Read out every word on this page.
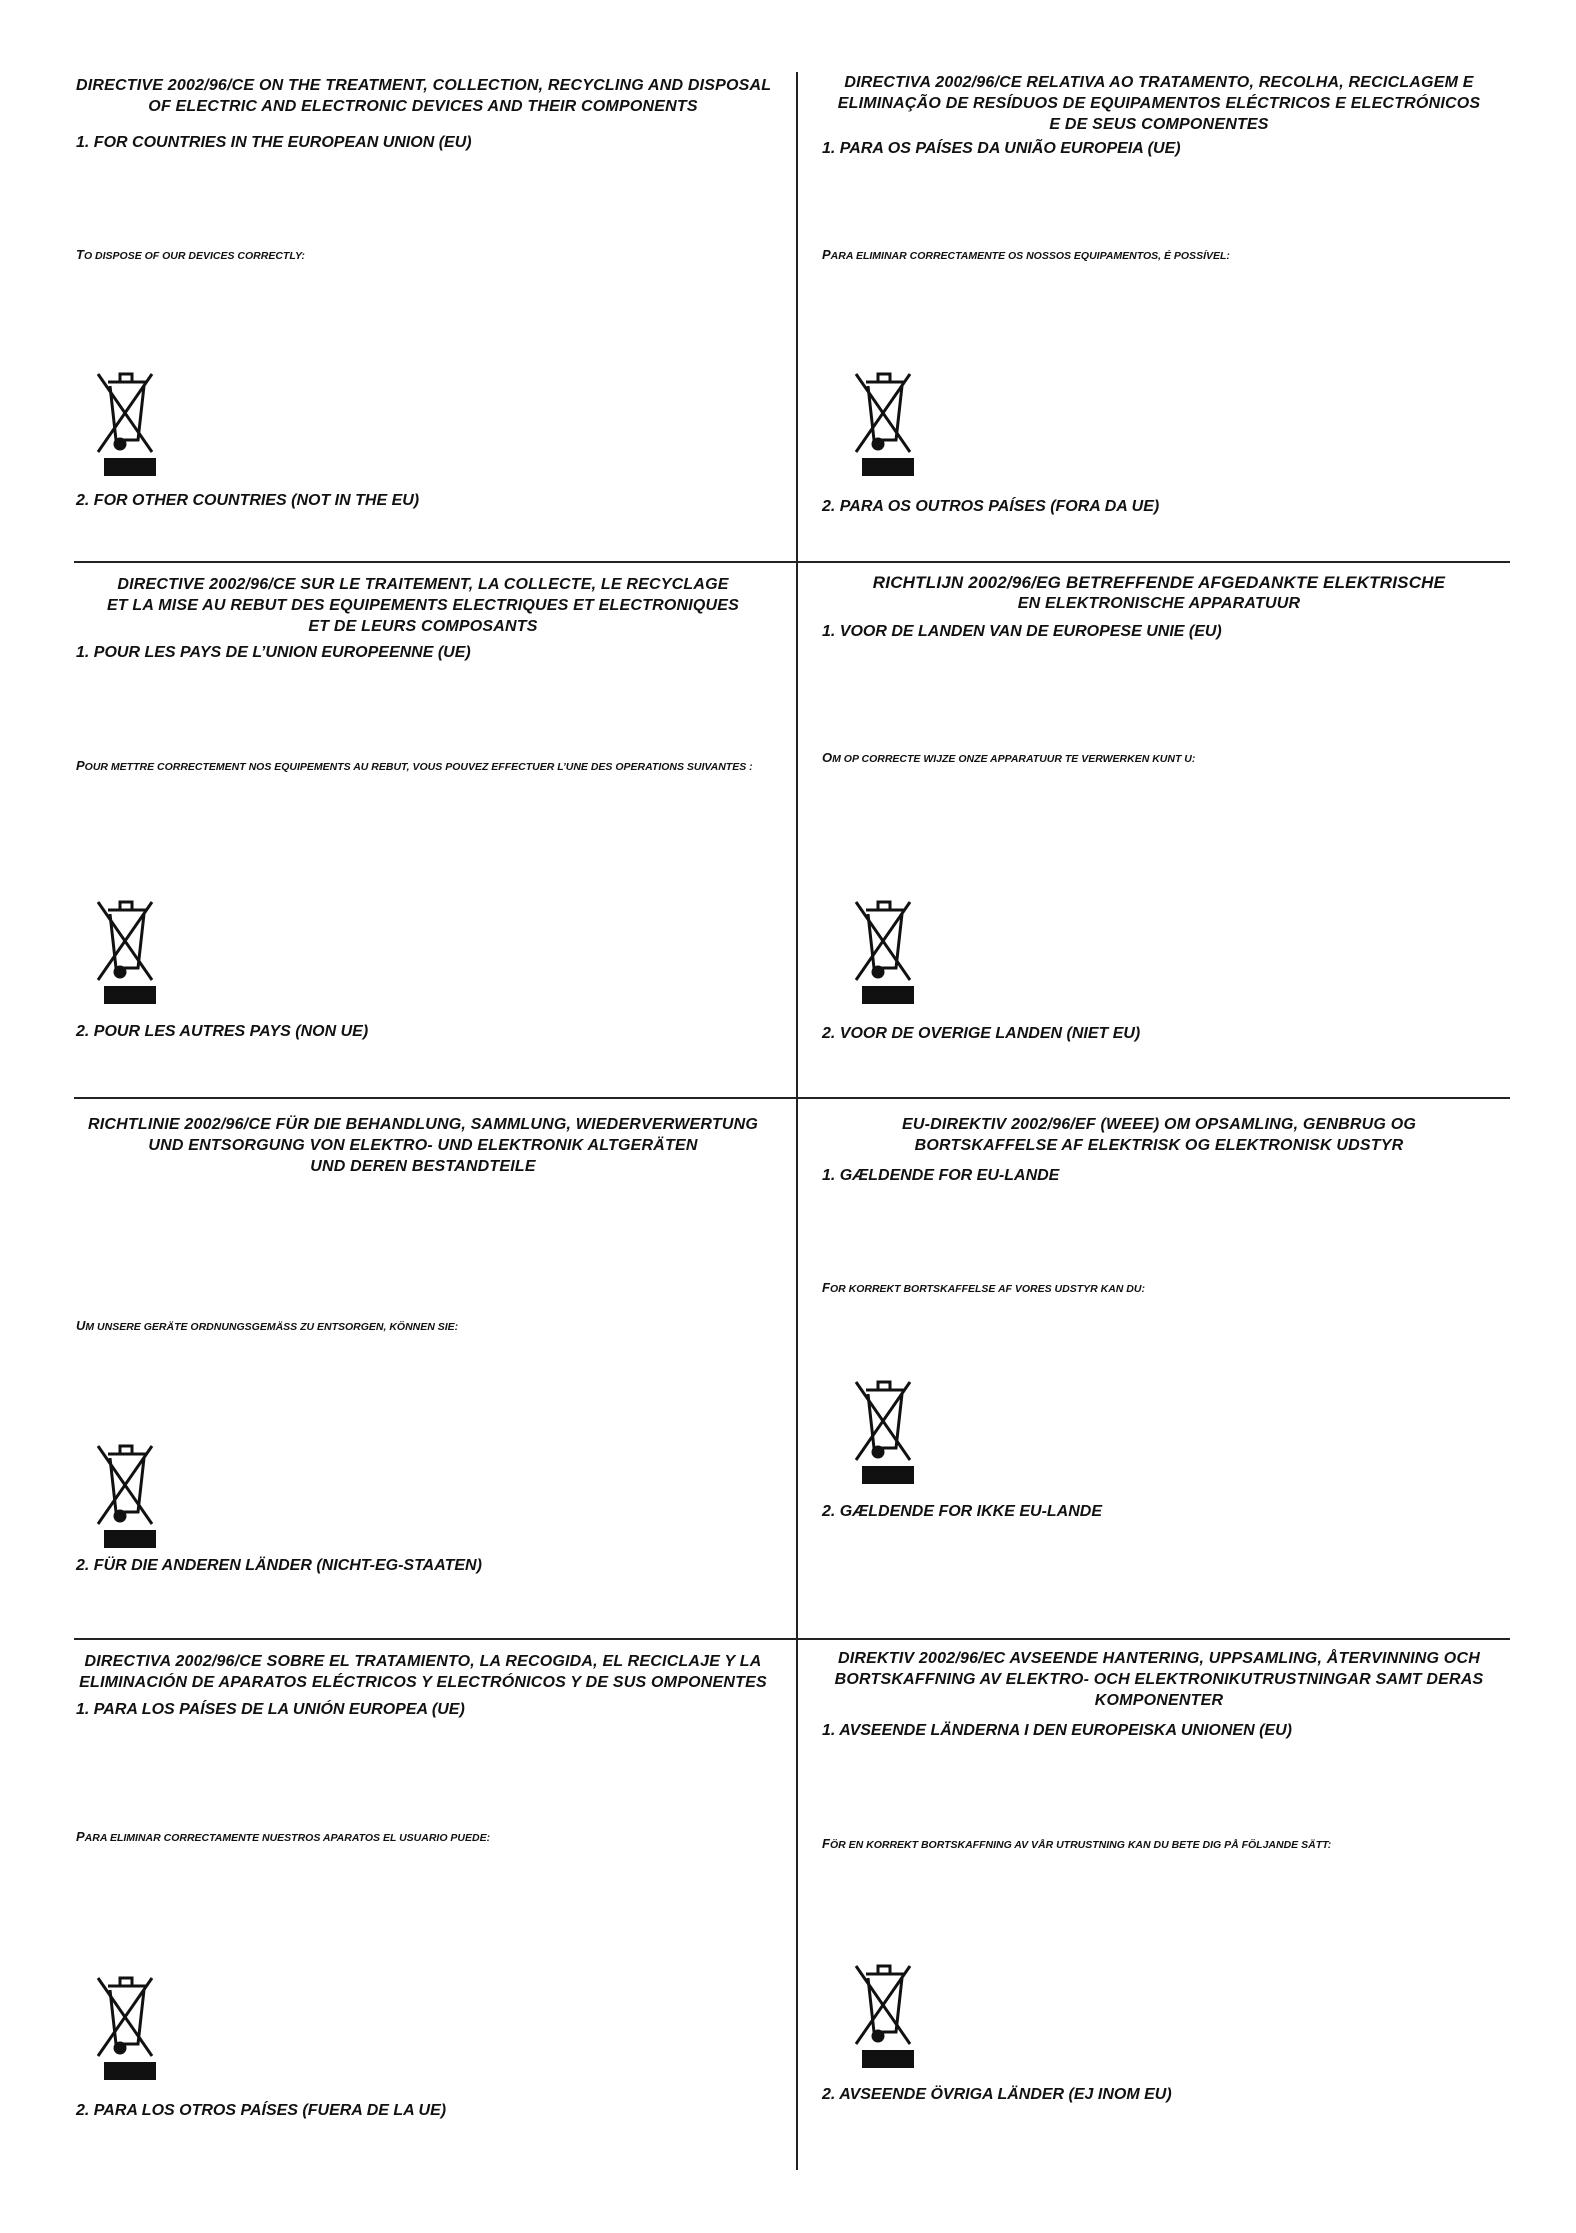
DIRECTIVE 2002/96/CE ON THE TREATMENT, COLLECTION, RECYCLING AND DISPOSAL
OF ELECTRIC AND ELECTRONIC DEVICES AND THEIR COMPONENTS
1. FOR COUNTRIES IN THE EUROPEAN UNION (EU)
TO DISPOSE OF OUR DEVICES CORRECTLY:
2. FOR OTHER COUNTRIES (NOT IN THE EU)
DIRECTIVA 2002/96/CE RELATIVA AO TRATAMENTO, RECOLHA, RECICLAGEM E
ELIMINAÇÃO DE RESÍDUOS DE EQUIPAMENTOS ELÉCTRICOS E ELECTRÓNICOS
E DE SEUS COMPONENTES
1. PARA OS PAÍSES DA UNIÃO EUROPEIA (UE)
PARA ELIMINAR CORRECTAMENTE OS NOSSOS EQUIPAMENTOS, É POSSÍVEL:
2. PARA OS OUTROS PAÍSES (FORA DA UE)
DIRECTIVE 2002/96/CE SUR LE TRAITEMENT, LA COLLECTE, LE RECYCLAGE
ET LA MISE AU REBUT DES EQUIPEMENTS ELECTRIQUES ET ELECTRONIQUES
ET DE LEURS COMPOSANTS
1. POUR LES PAYS DE L’UNION EUROPEENNE (UE)
POUR METTRE CORRECTEMENT NOS EQUIPEMENTS AU REBUT, VOUS POUVEZ EFFECTUER L’UNE DES OPERATIONS SUIVANTES :
2. POUR LES AUTRES PAYS (NON UE)
RICHTLIJN 2002/96/EG BETREFFENDE AFGEDANKTE ELEKTRISCHE
EN ELEKTRONISCHE APPARATUUR
1. VOOR DE LANDEN VAN DE EUROPESE UNIE (EU)
OM OP CORRECTE WIJZE ONZE APPARATUUR TE VERWERKEN KUNT U:
2. VOOR DE OVERIGE LANDEN (NIET EU)
RICHTLINIE 2002/96/CE FÜR DIE BEHANDLUNG, SAMMLUNG, WIEDERVERWERTUNG
UND ENTSORGUNG VON ELEKTRO- UND ELEKTRONIK ALTGERÄTEN
UND DEREN BESTANDTEILE
UM UNSERE GERÄTE ORDNUNGSGEMÄSS ZU ENTSORGEN, KÖNNEN SIE:
2. FÜR DIE ANDEREN LÄNDER (NICHT-EG-STAATEN)
EU-DIREKTIV 2002/96/EF (WEEE) OM OPSAMLING, GENBRUG OG
BORTSKAFFELSE AF ELEKTRISK OG ELEKTRONISK UDSTYR
1. GÆLDENDE FOR EU-LANDE
FOR KORREKT BORTSKAFFELSE AF VORES UDSTYR KAN DU:
2. GÆLDENDE FOR IKKE EU-LANDE
DIRECTIVA 2002/96/CE SOBRE EL TRATAMIENTO, LA RECOGIDA, EL RECICLAJE Y LA
ELIMINACIÓN DE APARATOS ELÉCTRICOS Y ELECTRÓNICOS Y DE SUS OMPONENTES
1. PARA LOS PAÍSES DE LA UNIÓN EUROPEA (UE)
PARA ELIMINAR CORRECTAMENTE NUESTROS APARATOS EL USUARIO PUEDE:
2. PARA LOS OTROS PAÍSES (FUERA DE LA UE)
DIREKTIV 2002/96/EC AVSEENDE HANTERING, UPPSAMLING, ÅTERVINNING OCH
BORTSKAFFNING AV ELEKTRO- OCH ELEKTRONIKUTRUSTNINGAR SAMT DERAS
KOMPONENTER
1. AVSEENDE LÄNDERNA I DEN EUROPEISKA UNIONEN (EU)
FÖR EN KORREKT BORTSKAFFNING AV VÅR UTRUSTNING KAN DU BETE DIG PÅ FÖLJANDE SÄTT:
2. AVSEENDE ÖVRIGA LÄNDER (EJ INOM EU)
